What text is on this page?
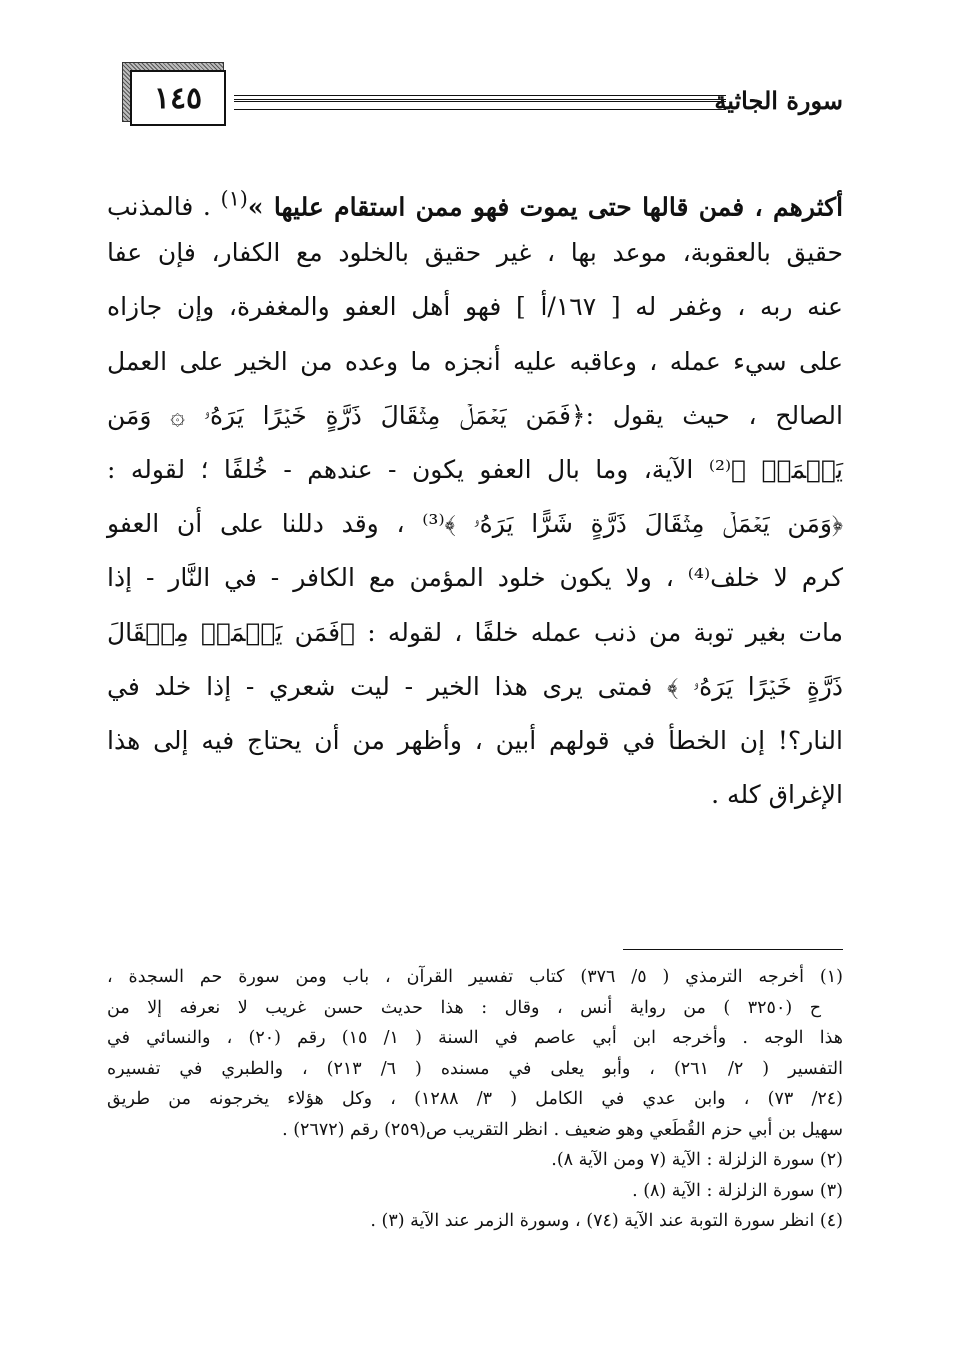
١٤٥	سورة الجاثية
أكثرهم ، فمن قالها حتى يموت فهو ممن استقام عليها »$^{(١)}$ . فالمذنب
حقيق بالعقوبة، موعد بها ، غير حقيق بالخلود مع الكفار، فإن عفا
عنه ربه ، وغفر له [ ١٦٧/أ ] فهو أهل العفو والمغفرة، وإن جازاه
على سيء عمله ، وعاقبه عليه أنجزه ما وعده من الخير على العمل
الصالح ، حيث يقول :﴿فَمَن يَعۡمَلۡ مِثۡقَالَ ذَرَّةٍ خَيۡرًا يَرَهُۥ ۞ وَمَن
يَعۡمَلۡ ﴾⁽²⁾ الآية، وما بال العفو يكون - عندهم - خُلفًا ؛ لقوله :
﴿وَمَن يَعۡمَلۡ مِثۡقَالَ ذَرَّةٍ شَرًّا يَرَهُۥ ﴾⁽³⁾ ، وقد دللنا على أن العفو
كرم لا خلف⁽⁴⁾ ، ولا يكون خلود المؤمن مع الكافر - في النَّار - إذا
مات بغير توبة من ذنب عمله خلفًا ، لقوله : ﴿فَمَن يَعۡمَلۡ مِثۡقَالَ
ذَرَّةٍ خَيۡرًا يَرَهُۥ ﴾ فمتى يرى هذا الخير - ليت شعري - إذا خلد في
النار؟! إن الخطأ في قولهم أبين ، وأظهر من أن يحتاج فيه إلى هذا
الإغراق كله .
(١) أخرجه الترمذي ( ٥/ ٣٧٦) كتاب تفسير القرآن ، باب ومن سورة حم السجدة ،
ح (٣٢٥٠ ) من رواية أنس ، وقال : هذا حديث حسن غريب لا نعرفه إلا من
هذا الوجه . وأخرجه ابن أبي عاصم في السنة ( ١/ ١٥) رقم (٢٠) ، والنسائي في
التفسير ( ٢/ ٢٦١) ، وأبو يعلى في مسنده ( ٦/ ٢١٣) ، والطبري في تفسيره
(٢٤/ ٧٣) ، وابن عدي في الكامل ( ٣/ ١٢٨٨) ، وكل هؤلاء يخرجونه من طريق
سهيل بن أبي حزم القُطَعي وهو ضعيف . انظر التقريب ص(٢٥٩) رقم (٢٦٧٢) .
(٢) سورة الزلزلة : الآية (٧ ومن الآية ٨).
(٣) سورة الزلزلة : الآية (٨) .
(٤) انظر سورة التوبة عند الآية (٧٤) ، وسورة الزمر عند الآية (٣) .
